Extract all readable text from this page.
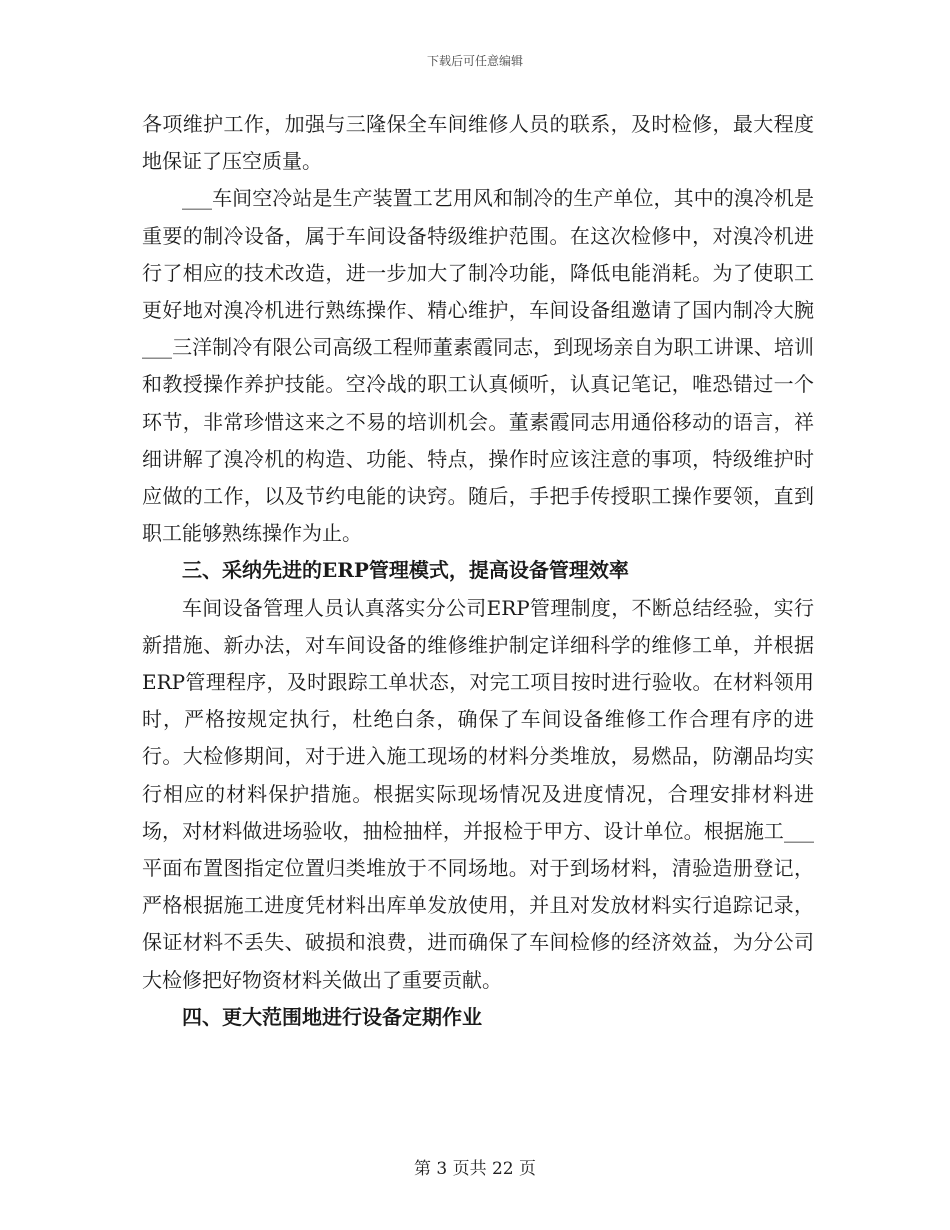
下载后可任意编辑

各项维护工作，加强与三隆保全车间维修人员的联系，及时检修，最大程度地保证了压空质量。

___车间空冷站是生产装置工艺用风和制冷的生产单位，其中的溴冷机是重要的制冷设备，属于车间设备特级维护范围。在这次检修中，对溴冷机进行了相应的技术改造，进一步加大了制冷功能，降低电能消耗。为了使职工更好地对溴冷机进行熟练操作、精心维护，车间设备组邀请了国内制冷大腕___三洋制冷有限公司高级工程师董素霞同志，到现场亲自为职工讲课、培训和教授操作养护技能。空冷战的职工认真倾听，认真记笔记，唯恐错过一个环节，非常珍惜这来之不易的培训机会。董素霞同志用通俗移动的语言，祥细讲解了溴冷机的构造、功能、特点，操作时应该注意的事项，特级维护时应做的工作，以及节约电能的诀窍。随后，手把手传授职工操作要领，直到职工能够熟练操作为止。

三、采纳先进的ERP管理模式，提高设备管理效率

车间设备管理人员认真落实分公司ERP管理制度，不断总结经验，实行新措施、新办法，对车间设备的维修维护制定详细科学的维修工单，并根据ERP管理程序，及时跟踪工单状态，对完工项目按时进行验收。在材料领用时，严格按规定执行，杜绝白条，确保了车间设备维修工作合理有序的进行。大检修期间，对于进入施工现场的材料分类堆放，易燃品，防潮品均实行相应的材料保护措施。根据实际现场情况及进度情况，合理安排材料进场，对材料做进场验收，抽检抽样，并报检于甲方、设计单位。根据施工___平面布置图指定位置归类堆放于不同场地。对于到场材料，清验造册登记，严格根据施工进度凭材料出库单发放使用，并且对发放材料实行追踪记录，保证材料不丢失、破损和浪费，进而确保了车间检修的经济效益，为分公司大检修把好物资材料关做出了重要贡献。

四、更大范围地进行设备定期作业

第 3 页共 22 页
